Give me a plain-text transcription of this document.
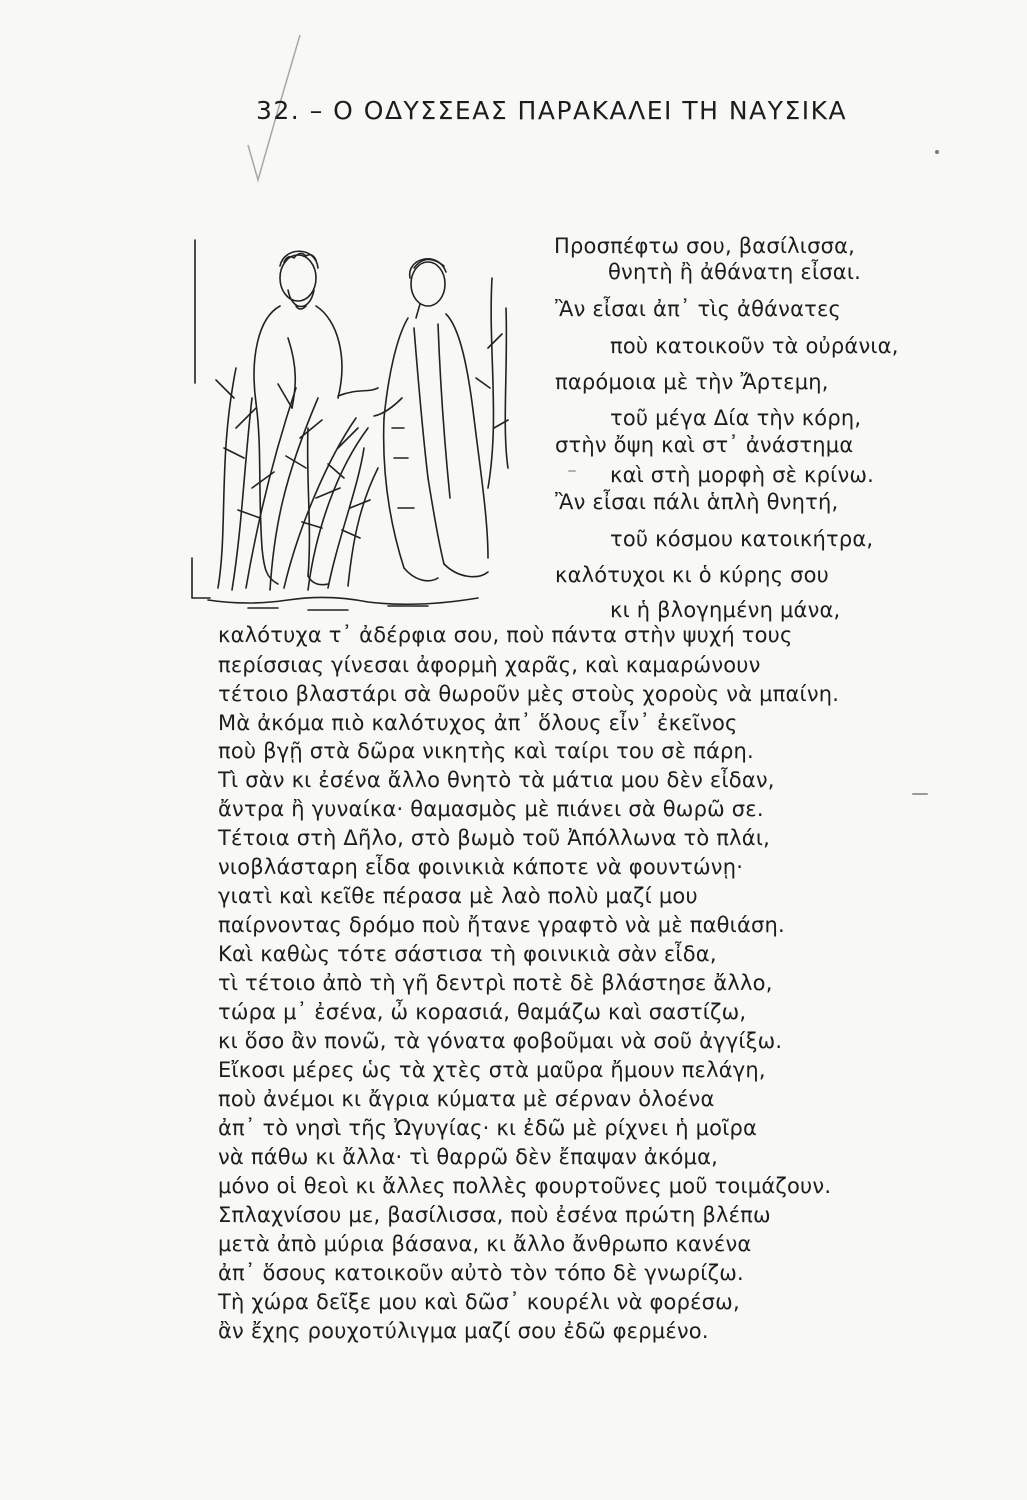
32. – Ο ΟΔΥΣΣΕΑΣ ΠΑΡΑΚΑΛΕΙ ΤΗ ΝΑΥΣΙΚΑ

Προσπέφτω σου, βασίλισσα,

θνητὴ ἢ ἀθάνατη εἶσαι.

Ἂν εἶσαι ἀπ᾽ τὶς ἀθάνατες

ποὺ κατοικοῦν τὰ οὐράνια,

παρόμοια μὲ τὴν Ἄρτεμη,

τοῦ μέγα Δία τὴν κόρη,

στὴν ὄψη καὶ στ᾽ ἀνάστημα

καὶ στὴ μορφὴ σὲ κρίνω.

Ἂν εἶσαι πάλι ἁπλὴ θνητή,

τοῦ κόσμου κατοικήτρα,

καλότυχοι κι ὁ κύρης σου

κι ἡ βλογημένη μάνα,

καλότυχα τ᾽ ἀδέρφια σου, ποὺ πάντα στὴν ψυχή τους

περίσσιας γίνεσαι ἀφορμὴ χαρᾶς, καὶ καμαρώνουν

τέτοιο βλαστάρι σὰ θωροῦν μὲς στοὺς χοροὺς νὰ μπαίνη.

Μὰ ἀκόμα πιὸ καλότυχος ἀπ᾽ ὅλους εἶν᾽ ἐκεῖνος

ποὺ βγῇ στὰ δῶρα νικητὴς καὶ ταίρι του σὲ πάρη.

Τὶ σὰν κι ἐσένα ἄλλο θνητὸ τὰ μάτια μου δὲν εἶδαν,

ἄντρα ἢ γυναίκα· θαμασμὸς μὲ πιάνει σὰ θωρῶ σε.

Τέτοια στὴ Δῆλο, στὸ βωμὸ τοῦ Ἀπόλλωνα τὸ πλάι,

νιοβλάσταρη εἶδα φοινικιὰ κάποτε νὰ φουντώνῃ·

γιατὶ καὶ κεῖθε πέρασα μὲ λαὸ πολὺ μαζί μου

παίρνοντας δρόμο ποὺ ἤτανε γραφτὸ νὰ μὲ παθιάση.

Καὶ καθὼς τότε σάστισα τὴ φοινικιὰ σὰν εἶδα,

τὶ τέτοιο ἀπὸ τὴ γῆ δεντρὶ ποτὲ δὲ βλάστησε ἄλλο,

τώρα μ᾽ ἐσένα, ὦ κορασιά, θαμάζω καὶ σαστίζω,

κι ὅσο ἂν πονῶ, τὰ γόνατα φοβοῦμαι νὰ σοῦ ἀγγίξω.

Εἴκοσι μέρες ὡς τὰ χτὲς στὰ μαῦρα ἤμουν πελάγη,

ποὺ ἀνέμοι κι ἄγρια κύματα μὲ σέρναν ὁλοένα

ἀπ᾽ τὸ νησὶ τῆς Ὠγυγίας· κι ἐδῶ μὲ ρίχνει ἡ μοῖρα

νὰ πάθω κι ἄλλα· τὶ θαρρῶ δὲν ἔπαψαν ἀκόμα,

μόνο οἱ θεοὶ κι ἄλλες πολλὲς φουρτοῦνες μοῦ τοιμάζουν.

Σπλαχνίσου με, βασίλισσα, ποὺ ἐσένα πρώτη βλέπω

μετὰ ἀπὸ μύρια βάσανα, κι ἄλλο ἄνθρωπο κανένα

ἀπ᾽ ὅσους κατοικοῦν αὐτὸ τὸν τόπο δὲ γνωρίζω.

Τὴ χώρα δεῖξε μου καὶ δῶσ᾽ κουρέλι νὰ φορέσω,

ἂν ἔχης ρουχοτύλιγμα μαζί σου ἐδῶ φερμένο.
